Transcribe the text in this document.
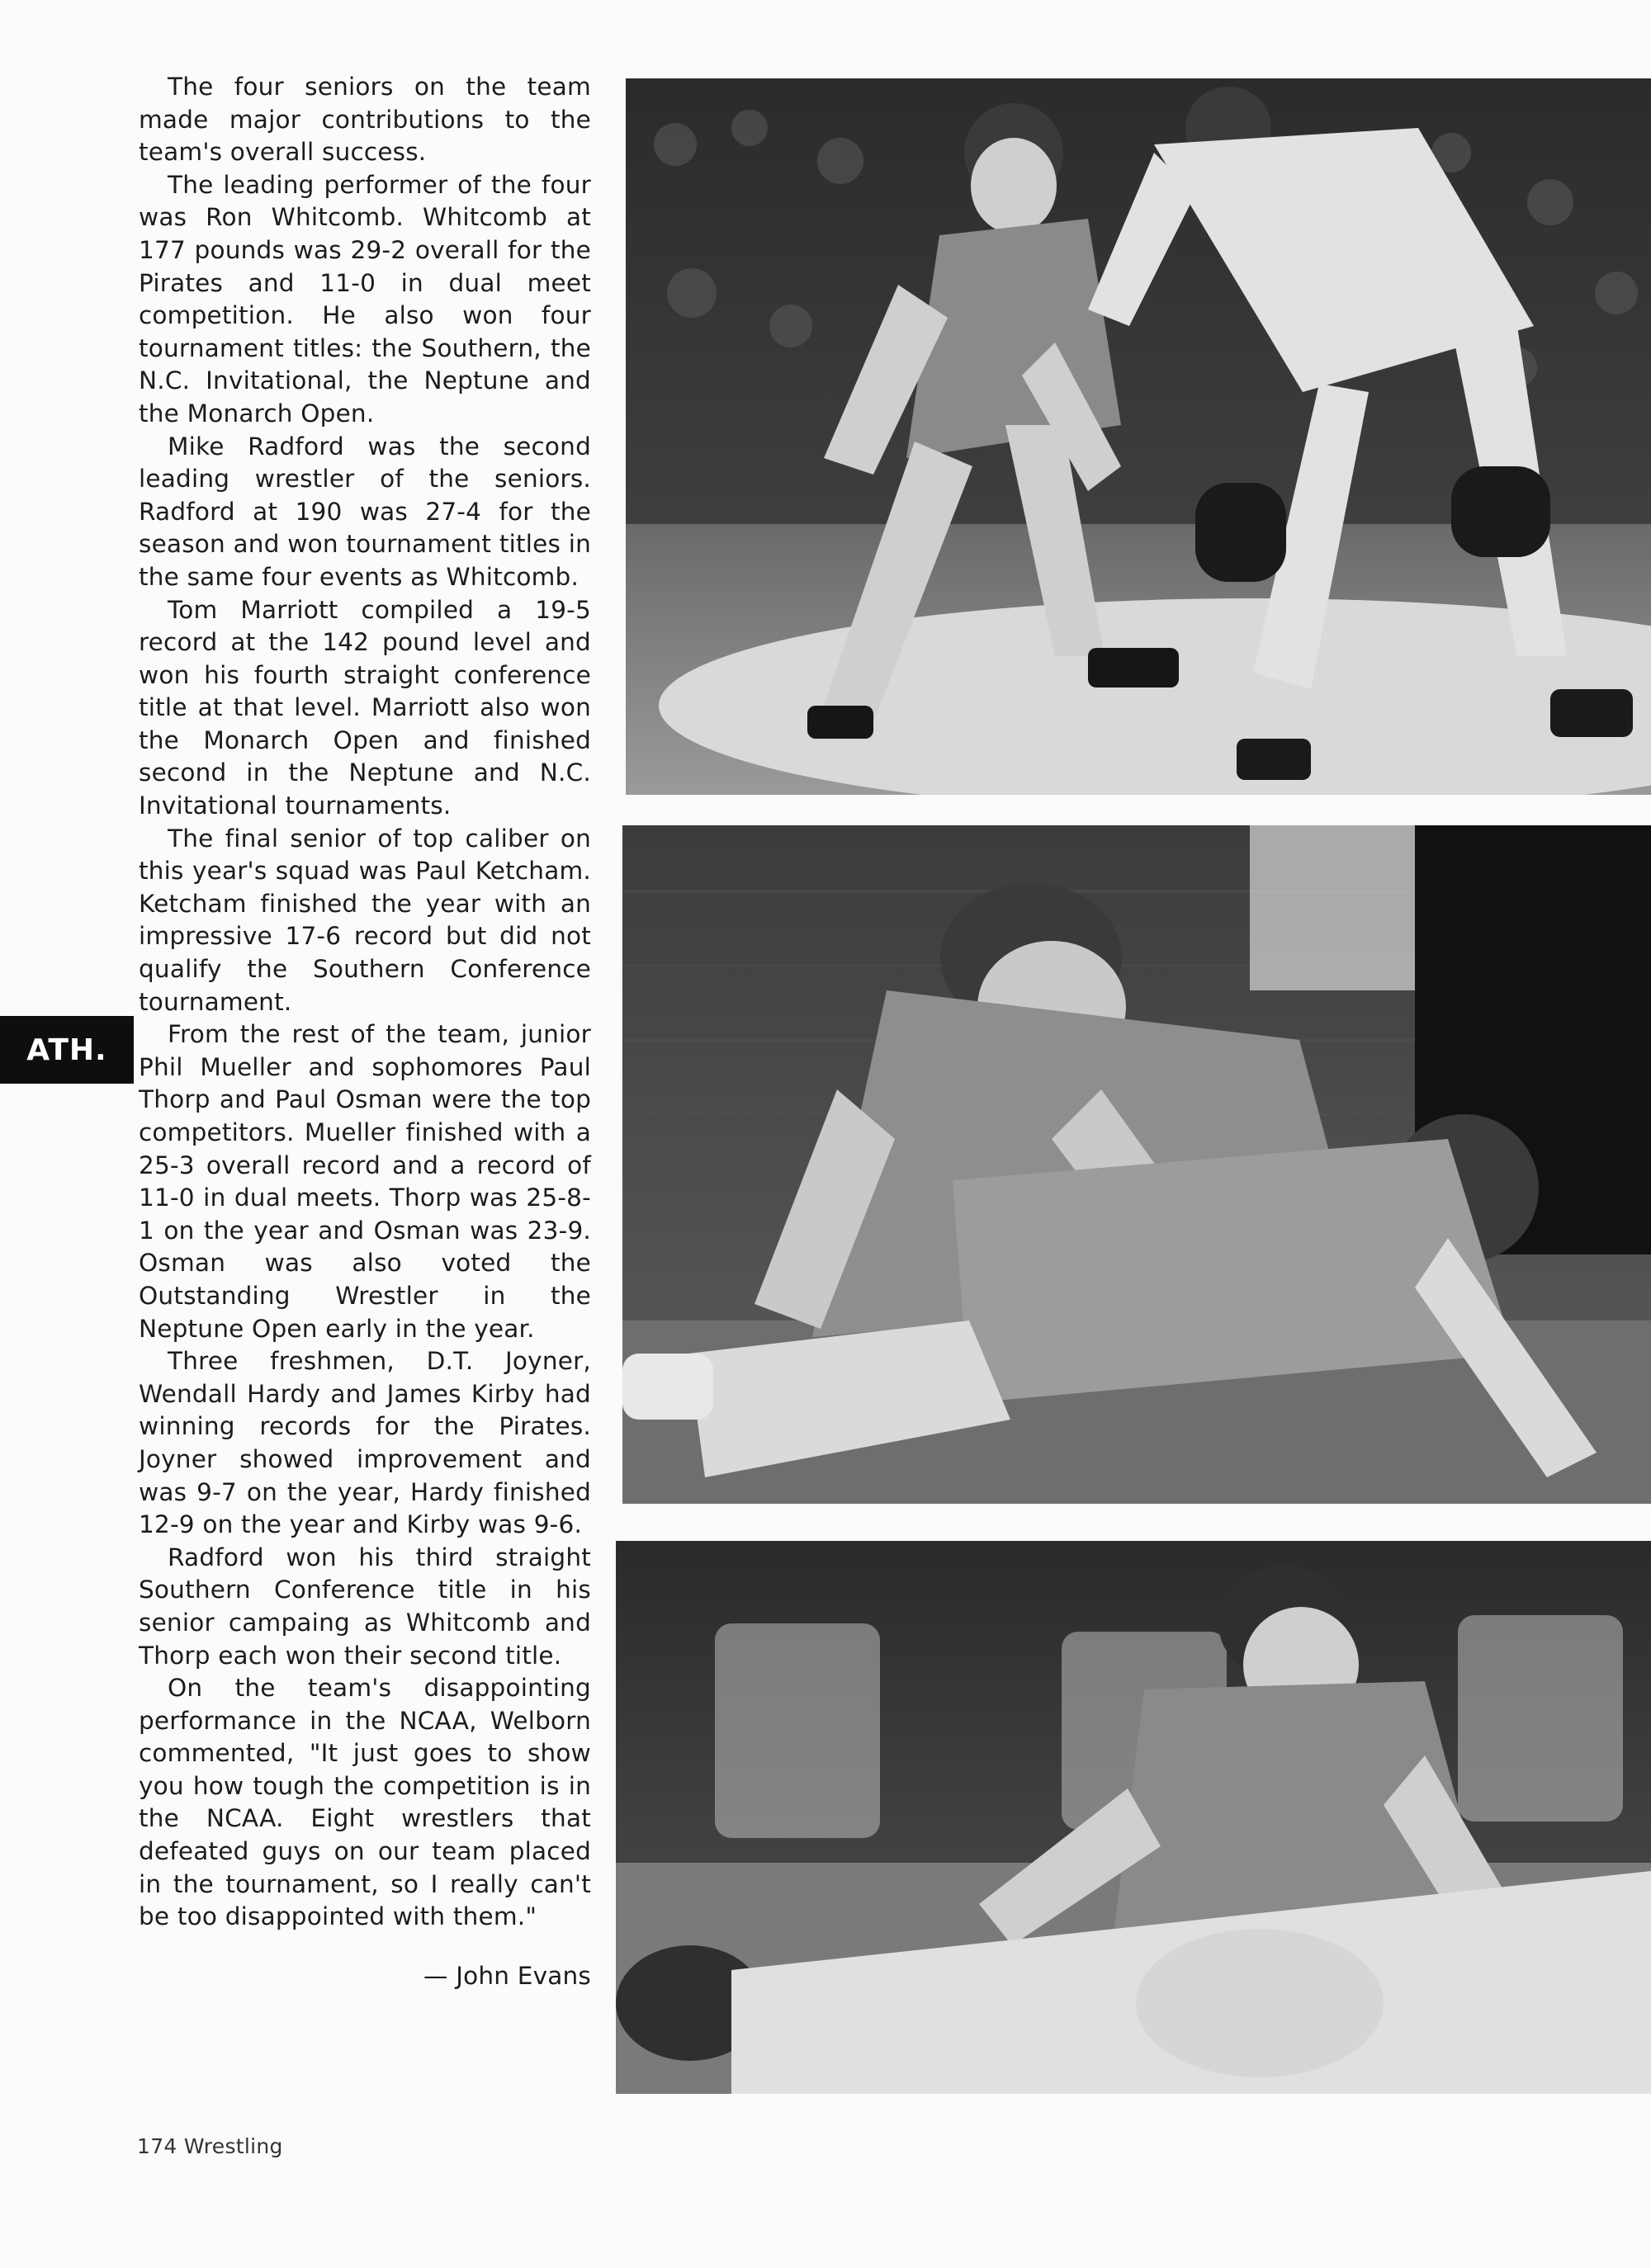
The four seniors on the team made major contributions to the team's overall success.

The leading performer of the four was Ron Whitcomb. Whitcomb at 177 pounds was 29-2 overall for the Pirates and 11-0 in dual meet competition. He also won four tournament titles: the Southern, the N.C. Invitational, the Neptune and the Monarch Open.

Mike Radford was the second leading wrestler of the seniors. Radford at 190 was 27-4 for the season and won tournament titles in the same four events as Whitcomb.

Tom Marriott compiled a 19-5 record at the 142 pound level and won his fourth straight conference title at that level. Marriott also won the Monarch Open and finished second in the Neptune and N.C. Invitational tournaments.

The final senior of top caliber on this year's squad was Paul Ketcham. Ketcham finished the year with an impressive 17-6 record but did not qualify the Southern Conference tournament.

From the rest of the team, junior Phil Mueller and sophomores Paul Thorp and Paul Osman were the top competitors. Mueller finished with a 25-3 overall record and a record of 11-0 in dual meets. Thorp was 25-8-1 on the year and Osman was 23-9. Osman was also voted the Outstanding Wrestler in the Neptune Open early in the year.

Three freshmen, D.T. Joyner, Wendall Hardy and James Kirby had winning records for the Pirates. Joyner showed improvement and was 9-7 on the year, Hardy finished 12-9 on the year and Kirby was 9-6.

Radford won his third straight Southern Conference title in his senior campaing as Whitcomb and Thorp each won their second title.

On the team's disappointing performance in the NCAA, Welborn commented, "It just goes to show you how tough the competition is in the NCAA. Eight wrestlers that defeated guys on our team placed in the tournament, so I really can't be too disappointed with them."

— John Evans

ATH.
174 Wrestling
